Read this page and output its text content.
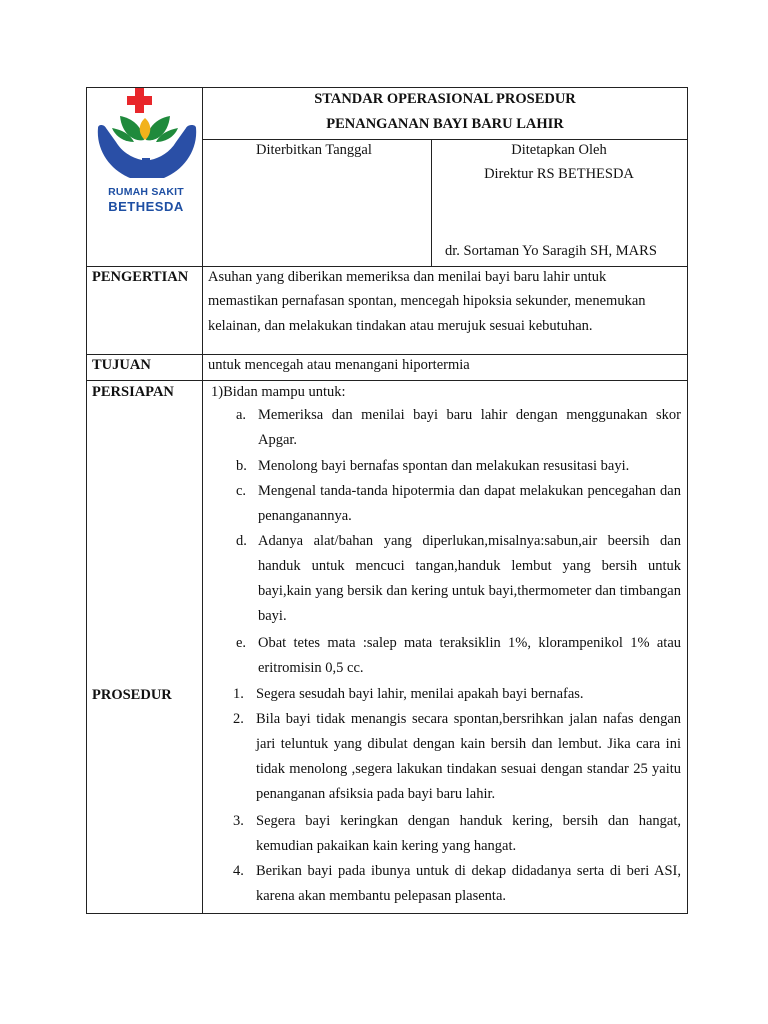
RUMAH SAKIT
BETHESDA
STANDAR OPERASIONAL PROSEDUR
PENANGANAN BAYI BARU LAHIR
Diterbitkan Tanggal	Ditetapkan Oleh
Direktur RS BETHESDA
dr. Sortaman Yo Saragih SH, MARS
PENGERTIAN Asuhan yang diberikan memeriksa dan menilai bayi baru lahir untuk
memastikan pernafasan spontan, mencegah hipoksia sekunder, menemukan
kelainan, dan melakukan tindakan atau merujuk sesuai kebutuhan.
TUJUAN	untuk mencegah atau menangani hiportermia
PERSIAPAN	1)Bidan mampu untuk:
a. Memeriksa dan menilai bayi baru lahir dengan menggunakan skor Apgar.
b. Menolong bayi bernafas spontan dan melakukan resusitasi bayi.
c. Mengenal tanda-tanda hipotermia dan dapat melakukan pencegahan dan penanganannya.
d. Adanya alat/bahan yang diperlukan,misalnya:sabun,air beersih dan handuk untuk mencuci tangan,handuk lembut yang bersih untuk bayi,kain yang bersik dan kering untuk bayi,thermometer dan timbangan bayi.
e. Obat tetes mata :salep mata teraksiklin 1%, klorampenikol 1% atau eritromisin 0,5 cc.
PROSEDUR	1. Segera sesudah bayi lahir, menilai apakah bayi bernafas.
2. Bila bayi tidak menangis secara spontan,bersrihkan jalan nafas dengan jari teluntuk yang dibulat dengan kain bersih dan lembut. Jika cara ini tidak menolong ,segera lakukan tindakan sesuai dengan standar 25 yaitu penanganan afsiksia pada bayi baru lahir.
3. Segera bayi keringkan dengan handuk kering, bersih dan hangat, kemudian pakaikan kain kering yang hangat.
4. Berikan bayi pada ibunya untuk di dekap didadanya serta di beri ASI, karena akan membantu pelepasan plasenta.
